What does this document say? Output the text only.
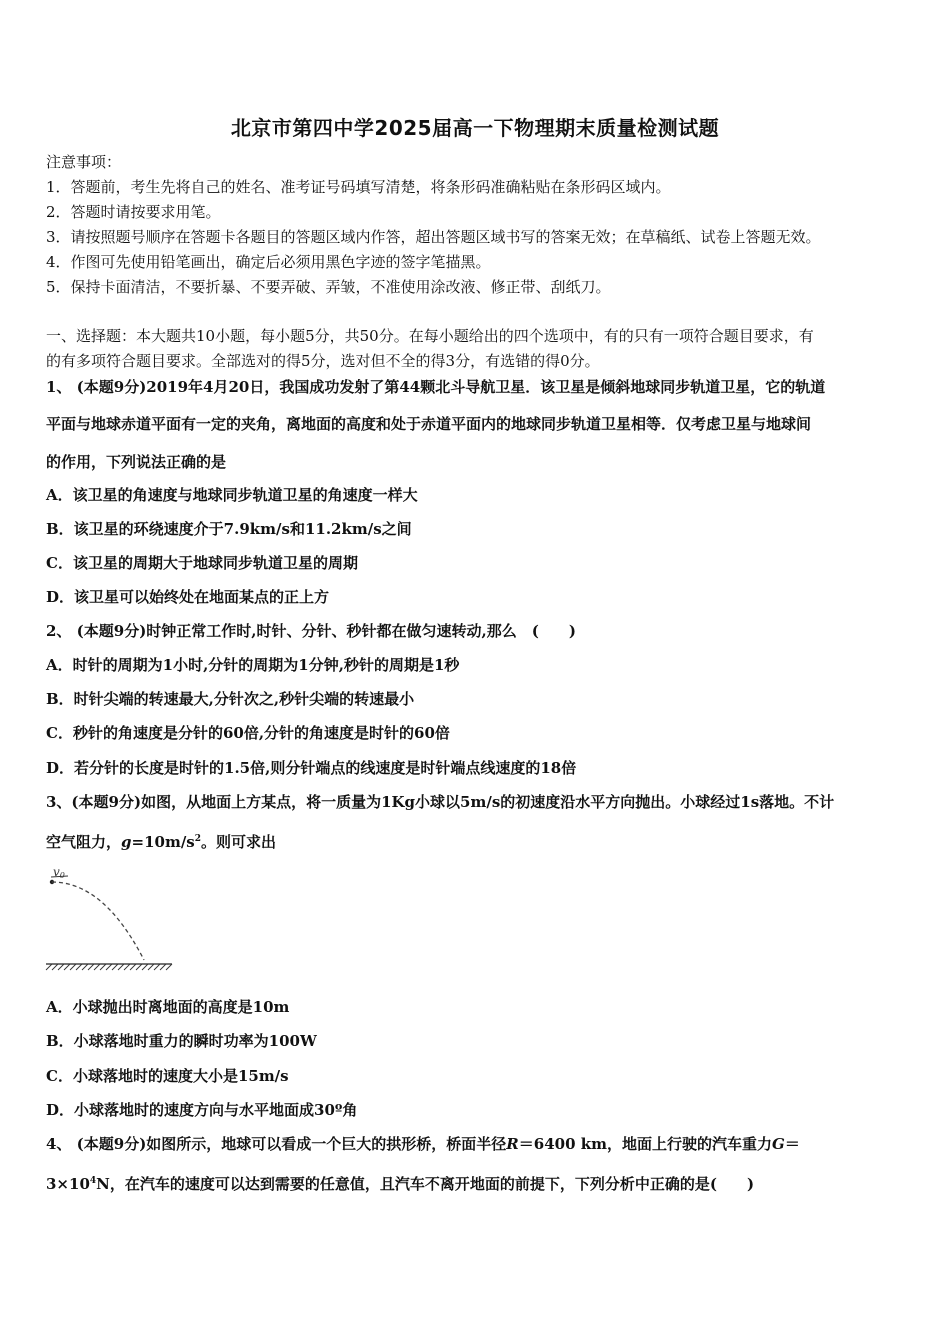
北京市第四中学2025届高一下物理期末质量检测试题
注意事项：
1．答题前，考生先将自己的姓名、准考证号码填写清楚，将条形码准确粘贴在条形码区域内。
2．答题时请按要求用笔。
3．请按照题号顺序在答题卡各题目的答题区域内作答，超出答题区域书写的答案无效；在草稿纸、试卷上答题无效。
4．作图可先使用铅笔画出，确定后必须用黑色字迹的签字笔描黑。
5．保持卡面清洁，不要折暴、不要弄破、弄皱，不准使用涂改液、修正带、刮纸刀。
一、选择题：本大题共10小题，每小题5分，共50分。在每小题给出的四个选项中，有的只有一项符合题目要求，有
的有多项符合题目要求。全部选对的得5分，选对但不全的得3分，有选错的得0分。
1、 (本题9分)2019年4月20日，我国成功发射了第44颗北斗导航卫星．该卫星是倾斜地球同步轨道卫星，它的轨道
平面与地球赤道平面有一定的夹角，离地面的高度和处于赤道平面内的地球同步轨道卫星相等．仅考虑卫星与地球间
的作用，下列说法正确的是
A．该卫星的角速度与地球同步轨道卫星的角速度一样大
B．该卫星的环绕速度介于7.9km/s和11.2km/s之间
C．该卫星的周期大于地球同步轨道卫星的周期
D．该卫星可以始终处在地面某点的正上方
2、 (本题9分)时钟正常工作时,时针、分针、秒针都在做匀速转动,那么　(　　)
A．时针的周期为1小时,分针的周期为1分钟,秒针的周期是1秒
B．时针尖端的转速最大,分针次之,秒针尖端的转速最小
C．秒针的角速度是分针的60倍,分针的角速度是时针的60倍
D．若分针的长度是时针的1.5倍,则分针端点的线速度是时针端点线速度的18倍
3、(本题9分)如图，从地面上方某点，将一质量为1Kg小球以5m/s的初速度沿水平方向抛出。小球经过1s落地。不计
空气阻力，$g=10m/s^2$。则可求出
v0
A．小球抛出时离地面的高度是10m
B．小球落地时重力的瞬时功率为100W
C．小球落地时的速度大小是15m/s
D．小球落地时的速度方向与水平地面成30º角
4、 (本题9分)如图所示，地球可以看成一个巨大的拱形桥，桥面半径R＝6400 km，地面上行驶的汽车重力G＝
$3\times 10^4N$，在汽车的速度可以达到需要的任意值，且汽车不离开地面的前提下，下列分析中正确的是(　　)
